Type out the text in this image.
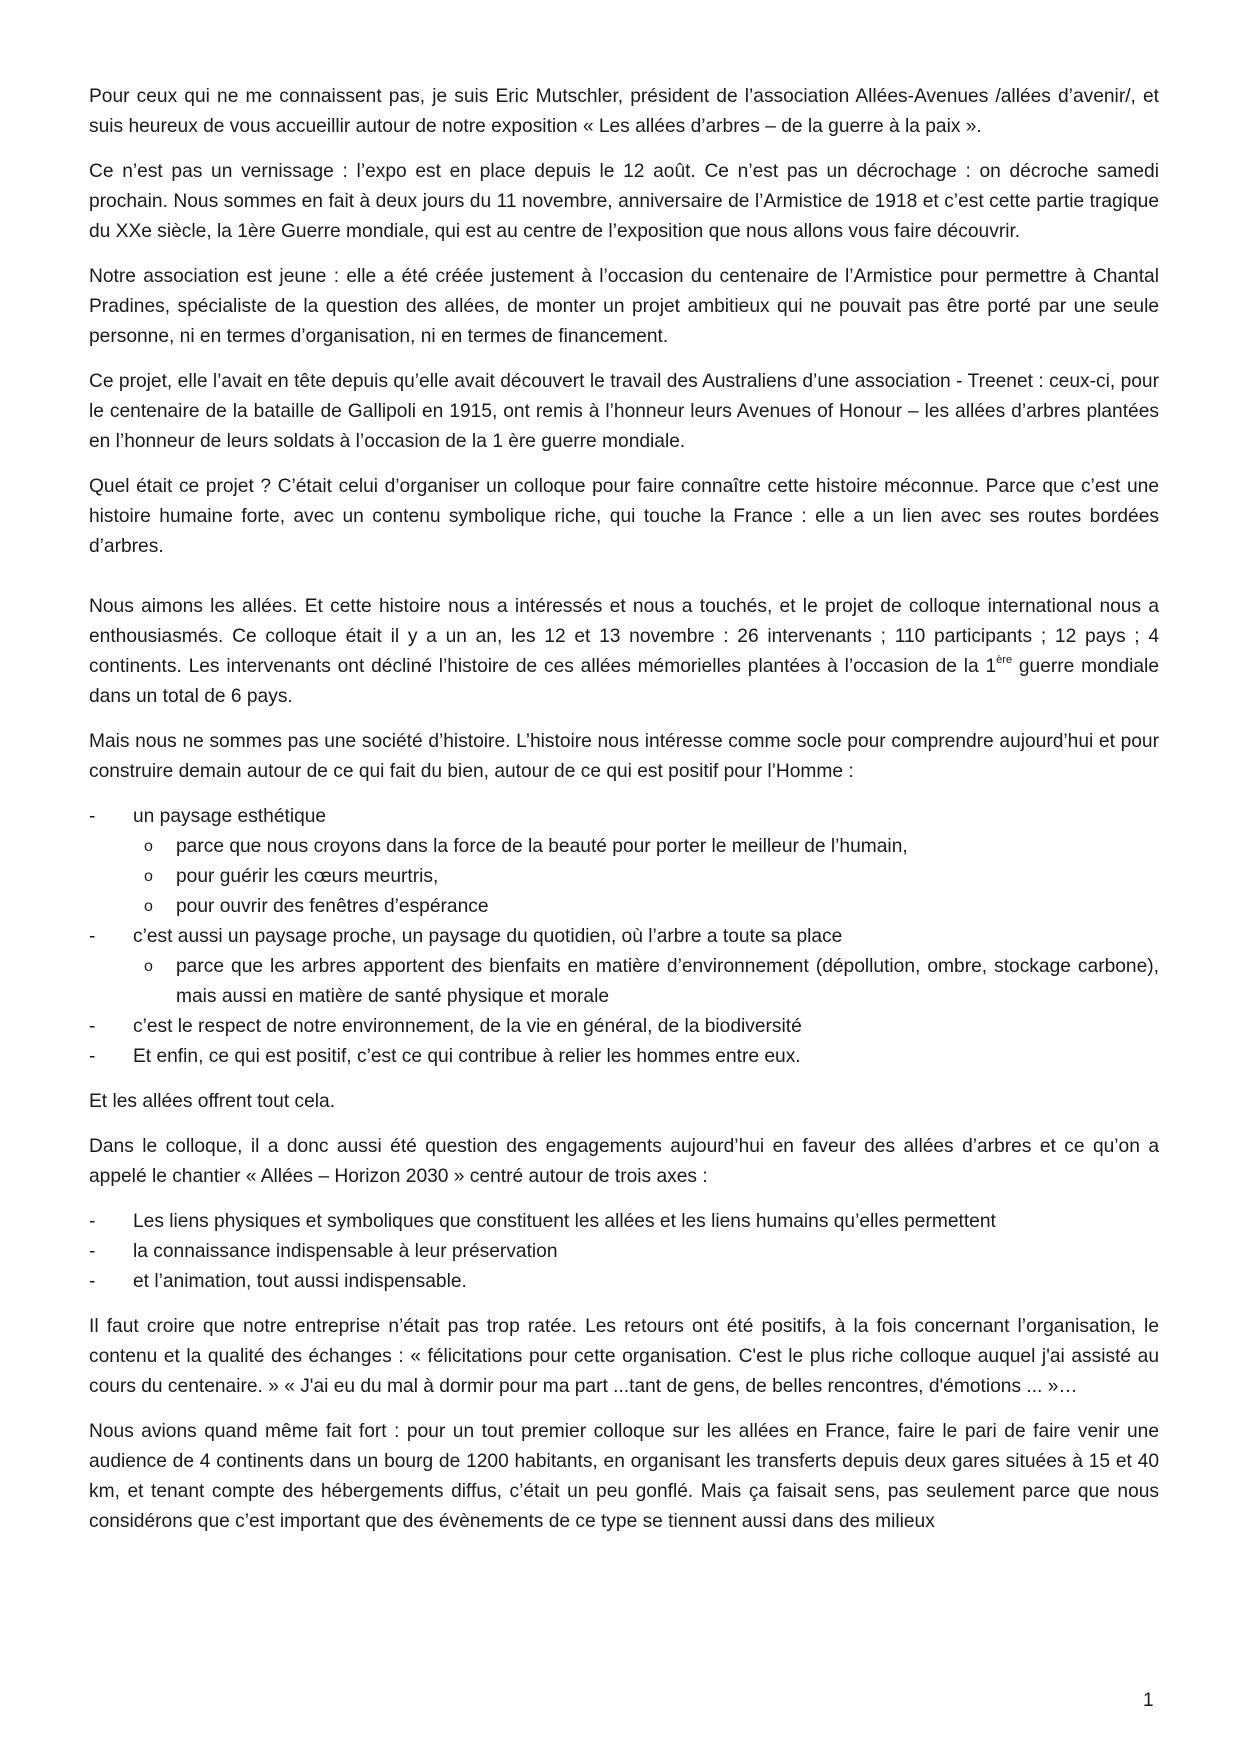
Pour ceux qui ne me connaissent pas, je suis Eric Mutschler, président de l’association Allées-Avenues /allées d’avenir/, et suis heureux de vous accueillir autour de notre exposition « Les allées d’arbres – de la guerre à la paix ».

Ce n’est pas un vernissage : l’expo est en place depuis le 12 août. Ce n’est pas un décrochage : on décroche samedi prochain. Nous sommes en fait à deux jours du 11 novembre, anniversaire de l’Armistice de 1918 et c’est cette partie tragique du XXe siècle, la 1ère Guerre mondiale, qui est au centre de l’exposition que nous allons vous faire découvrir.

Notre association est jeune : elle a été créée justement à l’occasion du centenaire de l’Armistice pour permettre à Chantal Pradines, spécialiste de la question des allées, de monter un projet ambitieux qui ne pouvait pas être porté par une seule personne, ni en termes d’organisation, ni en termes de financement.

Ce projet, elle l’avait en tête depuis qu’elle avait découvert le travail des Australiens d’une association - Treenet : ceux-ci, pour le centenaire de la bataille de Gallipoli en 1915, ont remis à l’honneur leurs Avenues of Honour – les allées d’arbres plantées en l’honneur de leurs soldats à l’occasion de la 1 ère guerre mondiale.

Quel était ce projet ? C’était celui d’organiser un colloque pour faire connaître cette histoire méconnue. Parce que c’est une histoire humaine forte, avec un contenu symbolique riche, qui touche la France : elle a un lien avec ses routes bordées d’arbres.

Nous aimons les allées. Et cette histoire nous a intéressés et nous a touchés, et le projet de colloque international nous a enthousiasmés. Ce colloque était il y a un an, les 12 et 13 novembre : 26 intervenants ; 110 participants ; 12 pays ; 4 continents. Les intervenants ont décliné l’histoire de ces allées mémorielles plantées à l’occasion de la 1ère guerre mondiale dans un total de 6 pays.

Mais nous ne sommes pas une société d’histoire. L’histoire nous intéresse comme socle pour comprendre aujourd’hui et pour construire demain autour de ce qui fait du bien, autour de ce qui est positif pour l’Homme :

-	un paysage esthétique
o	parce que nous croyons dans la force de la beauté pour porter le meilleur de l’humain,
o	pour guérir les cœurs meurtris,
o	pour ouvrir des fenêtres d’espérance
-	c’est aussi un paysage proche, un paysage du quotidien, où l’arbre a toute sa place
o	parce que les arbres apportent des bienfaits en matière d’environnement (dépollution, ombre, stockage carbone), mais aussi en matière de santé physique et morale
-	c’est le respect de notre environnement, de la vie en général, de la biodiversité
-	Et enfin, ce qui est positif, c’est ce qui contribue à relier les hommes entre eux.

Et les allées offrent tout cela.

Dans le colloque, il a donc aussi été question des engagements aujourd’hui en faveur des allées d’arbres et ce qu’on a appelé le chantier « Allées – Horizon 2030 » centré autour de trois axes :

-	Les liens physiques et symboliques que constituent les allées et les liens humains qu’elles permettent
-	la connaissance indispensable à leur préservation
-	et l’animation, tout aussi indispensable.

Il faut croire que notre entreprise n’était pas trop ratée. Les retours ont été positifs, à la fois concernant l’organisation, le contenu et la qualité des échanges : « félicitations pour cette organisation. C'est le plus riche colloque auquel j'ai assisté au cours du centenaire. » « J'ai eu du mal à dormir pour ma part ...tant de gens, de belles rencontres, d'émotions ... »…

Nous avions quand même fait fort : pour un tout premier colloque sur les allées en France, faire le pari de faire venir une audience de 4 continents dans un bourg de 1200 habitants, en organisant les transferts depuis deux gares situées à 15 et 40 km, et tenant compte des hébergements diffus, c’était un peu gonflé. Mais ça faisait sens, pas seulement parce que nous considérons que c’est important que des évènements de ce type se tiennent aussi dans des milieux

1
